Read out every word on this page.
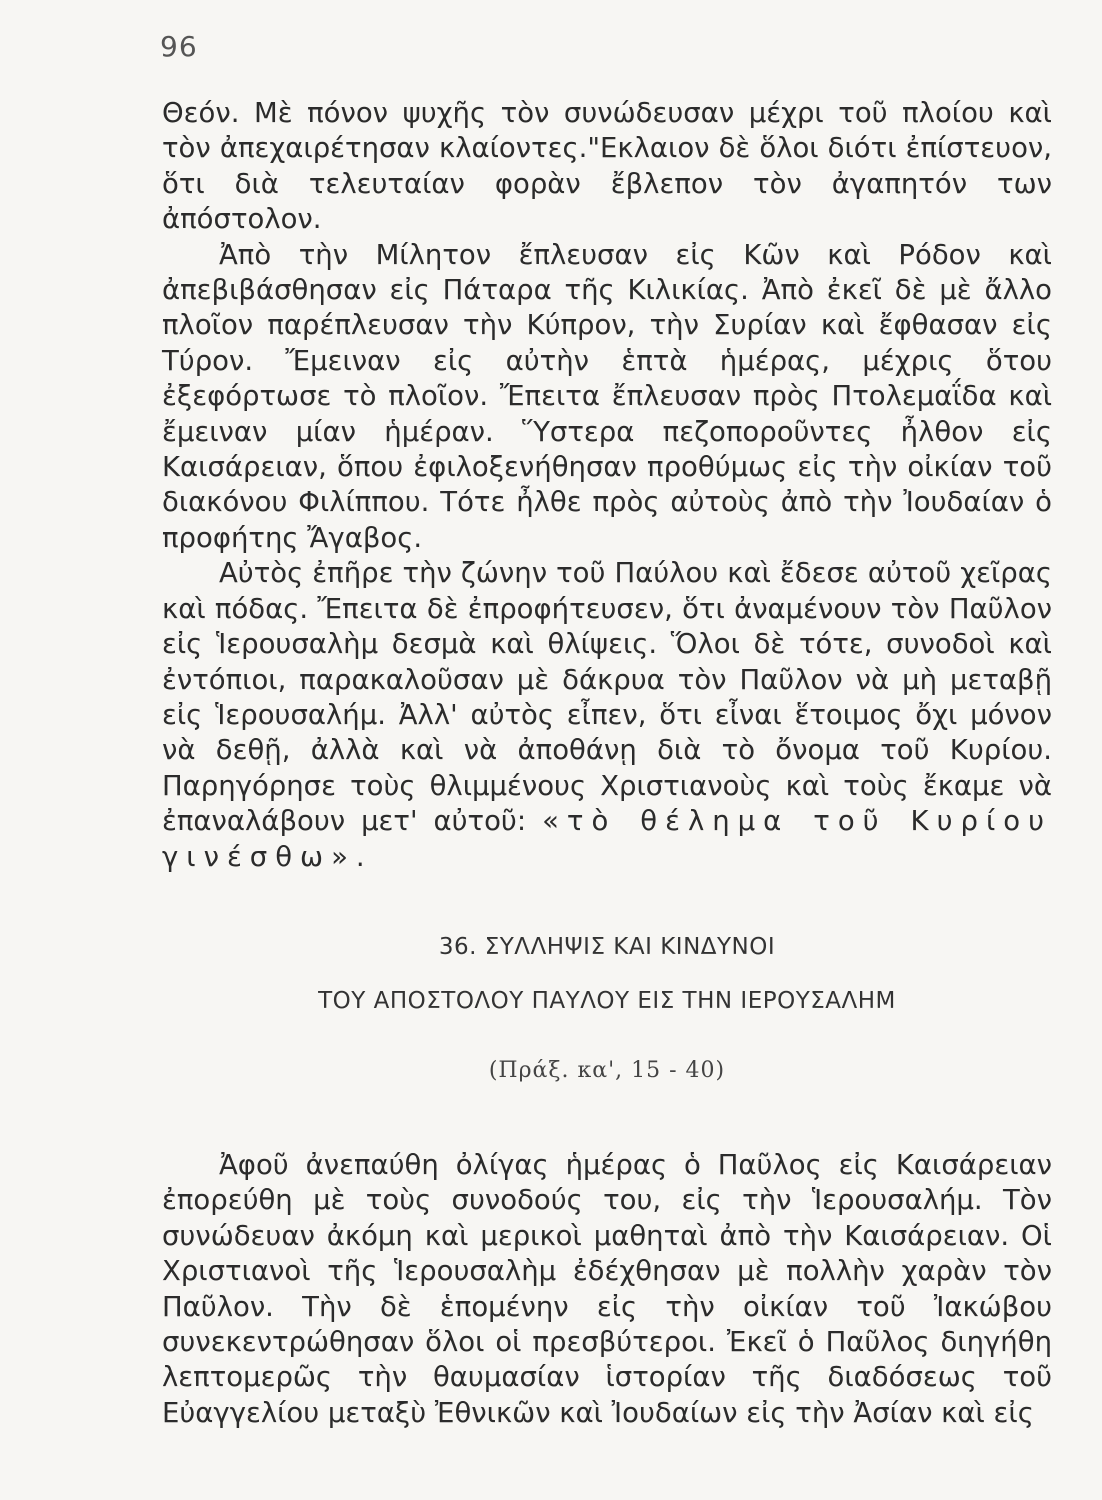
96

Θεόν. Μὲ πόνον ψυχῆς τὸν συνώδευσαν μέχρι τοῦ πλοίου καὶ τὸν ἀπεχαιρέτησαν κλαίοντες."Εκλαιον δὲ ὅλοι διότι ἐπίστευον, ὅτι διὰ τελευταίαν φορὰν ἔβλεπον τὸν ἀγαπητόν των ἀπόστολον.

Ἀπὸ τὴν Μίλητον ἔπλευσαν εἰς Κῶν καὶ Ρόδον καὶ ἀπεβιβάσθησαν εἰς Πάταρα τῆς Κιλικίας. Ἀπὸ ἐκεῖ δὲ μὲ ἄλλο πλοῖον παρέπλευσαν τὴν Κύπρον, τὴν Συρίαν καὶ ἔφθασαν εἰς Τύρον. Ἔμειναν εἰς αὐτὴν ἑπτὰ ἡμέρας, μέχρις ὅτου ἐξεφόρτωσε τὸ πλοῖον. Ἔπειτα ἔπλευσαν πρὸς Πτολεμαΐδα καὶ ἔμειναν μίαν ἡμέραν. Ὕστερα πεζοποροῦντες ἦλθον εἰς Καισάρειαν, ὅπου ἐφιλοξενήθησαν προθύμως εἰς τὴν οἰκίαν τοῦ διακόνου Φιλίππου. Τότε ἦλθε πρὸς αὐτοὺς ἀπὸ τὴν Ἰουδαίαν ὁ προφήτης Ἄγαβος.

Αὐτὸς ἐπῆρε τὴν ζώνην τοῦ Παύλου καὶ ἔδεσε αὐτοῦ χεῖρας καὶ πόδας. Ἔπειτα δὲ ἐπροφήτευσεν, ὅτι ἀναμένουν τὸν Παῦλον εἰς Ἱερουσαλὴμ δεσμὰ καὶ θλίψεις. Ὅλοι δὲ τότε, συνοδοὶ καὶ ἐντόπιοι, παρακαλοῦσαν μὲ δάκρυα τὸν Παῦλον νὰ μὴ μεταβῇ εἰς Ἱερουσαλήμ. Ἀλλ' αὐτὸς εἶπεν, ὅτι εἶναι ἕτοιμος ὄχι μόνον νὰ δεθῇ, ἀλλὰ καὶ νὰ ἀποθάνῃ διὰ τὸ ὄνομα τοῦ Κυρίου. Παρηγόρησε τοὺς θλιμμένους Χριστιανοὺς καὶ τοὺς ἔκαμε νὰ ἐπαναλάβουν μετ' αὐτοῦ: «τὸ θέλημα τοῦ Κυρίου γινέσθω».

36. ΣΥΛΛΗΨΙΣ ΚΑΙ ΚΙΝΔΥΝΟΙ
ΤΟΥ ΑΠΟΣΤΟΛΟΥ ΠΑΥΛΟΥ ΕΙΣ ΤΗΝ ΙΕΡΟΥΣΑΛΗΜ
(Πράξ. κα', 15 - 40)

Ἀφοῦ ἀνεπαύθη ὀλίγας ἡμέρας ὁ Παῦλος εἰς Καισάρειαν ἐπορεύθη μὲ τοὺς συνοδούς του, εἰς τὴν Ἱερουσαλήμ. Τὸν συνώδευαν ἀκόμη καὶ μερικοὶ μαθηταὶ ἀπὸ τὴν Καισάρειαν. Οἱ Χριστιανοὶ τῆς Ἱερουσαλὴμ ἐδέχθησαν μὲ πολλὴν χαρὰν τὸν Παῦλον. Τὴν δὲ ἑπομένην εἰς τὴν οἰκίαν τοῦ Ἰακώβου συνεκεντρώθησαν ὅλοι οἱ πρεσβύτεροι. Ἐκεῖ ὁ Παῦλος διηγήθη λεπτομερῶς τὴν θαυμασίαν ἱστορίαν τῆς διαδόσεως τοῦ Εὐαγγελίου μεταξὺ Ἐθνικῶν καὶ Ἰουδαίων εἰς τὴν Ἀσίαν καὶ εἰς
